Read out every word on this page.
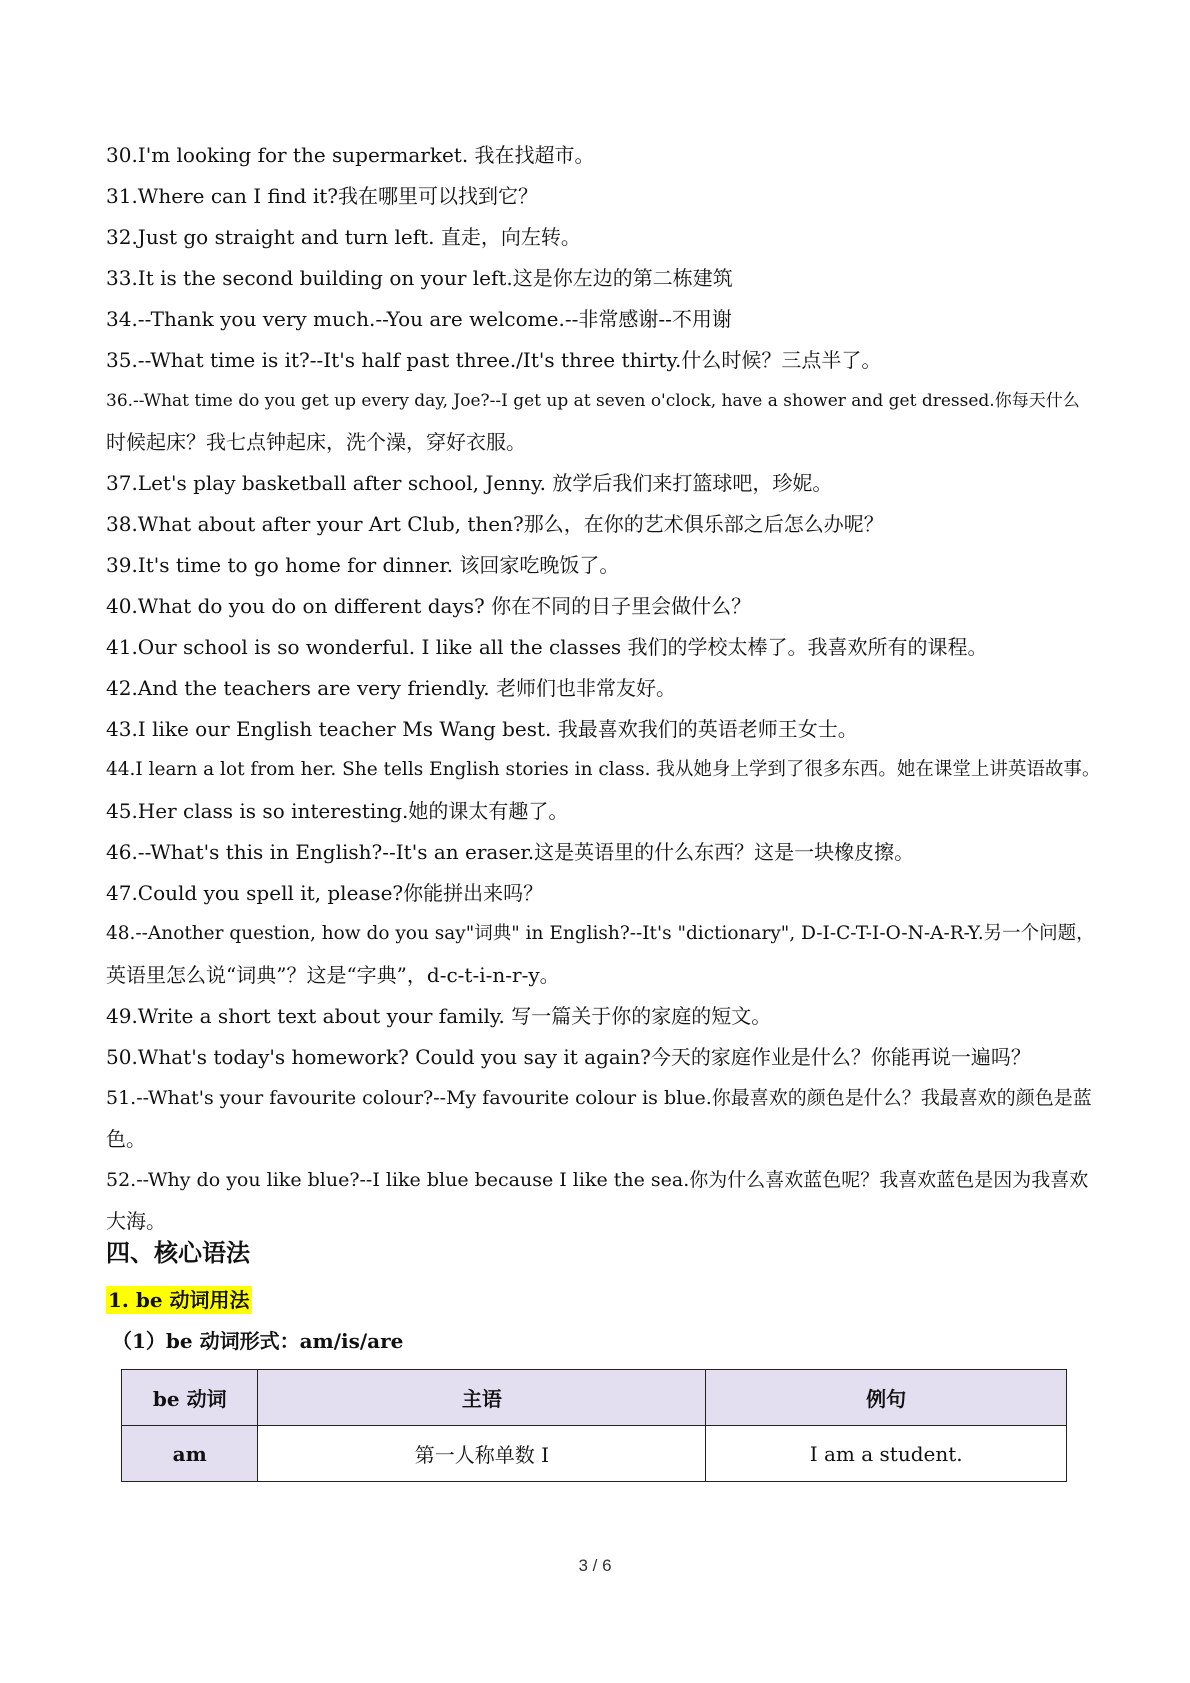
30.I'm looking for the supermarket. 我在找超市。
31.Where can I find it?我在哪里可以找到它？
32.Just go straight and turn left. 直走，向左转。
33.It is the second building on your left.这是你左边的第二栋建筑
34.--Thank you very much.--You are welcome.--非常感谢--不用谢
35.--What time is it?--It's half past three./It's three thirty.什么时候？三点半了。
36.--What time do you get up every day, Joe?--I get up at seven o'clock, have a shower and get dressed.你每天什么
时候起床？我七点钟起床，洗个澡，穿好衣服。
37.Let's play basketball after school, Jenny. 放学后我们来打篮球吧，珍妮。
38.What about after your Art Club, then?那么，在你的艺术俱乐部之后怎么办呢？
39.It's time to go home for dinner. 该回家吃晚饭了。
40.What do you do on different days? 你在不同的日子里会做什么？
41.Our school is so wonderful. I like all the classes 我们的学校太棒了。我喜欢所有的课程。
42.And the teachers are very friendly. 老师们也非常友好。
43.I like our English teacher Ms Wang best. 我最喜欢我们的英语老师王女士。
44.I learn a lot from her. She tells English stories in class. 我从她身上学到了很多东西。她在课堂上讲英语故事。
45.Her class is so interesting.她的课太有趣了。
46.--What's this in English?--It's an eraser.这是英语里的什么东西？这是一块橡皮擦。
47.Could you spell it, please?你能拼出来吗？
48.--Another question, how do you say"词典" in English?--It's "dictionary", D-I-C-T-I-O-N-A-R-Y.另一个问题，
英语里怎么说“词典”？这是“字典”，d-c-t-i-n-r-y。
49.Write a short text about your family. 写一篇关于你的家庭的短文。
50.What's today's homework? Could you say it again?今天的家庭作业是什么？你能再说一遍吗？
51.--What's your favourite colour?--My favourite colour is blue.你最喜欢的颜色是什么？我最喜欢的颜色是蓝
色。
52.--Why do you like blue?--I like blue because I like the sea.你为什么喜欢蓝色呢？我喜欢蓝色是因为我喜欢
大海。
四、核心语法
1. be 动词用法
（1）be 动词形式：am/is/are
be 动词	主语	例句
am	第一人称单数 I	I am a student.
3 / 6
